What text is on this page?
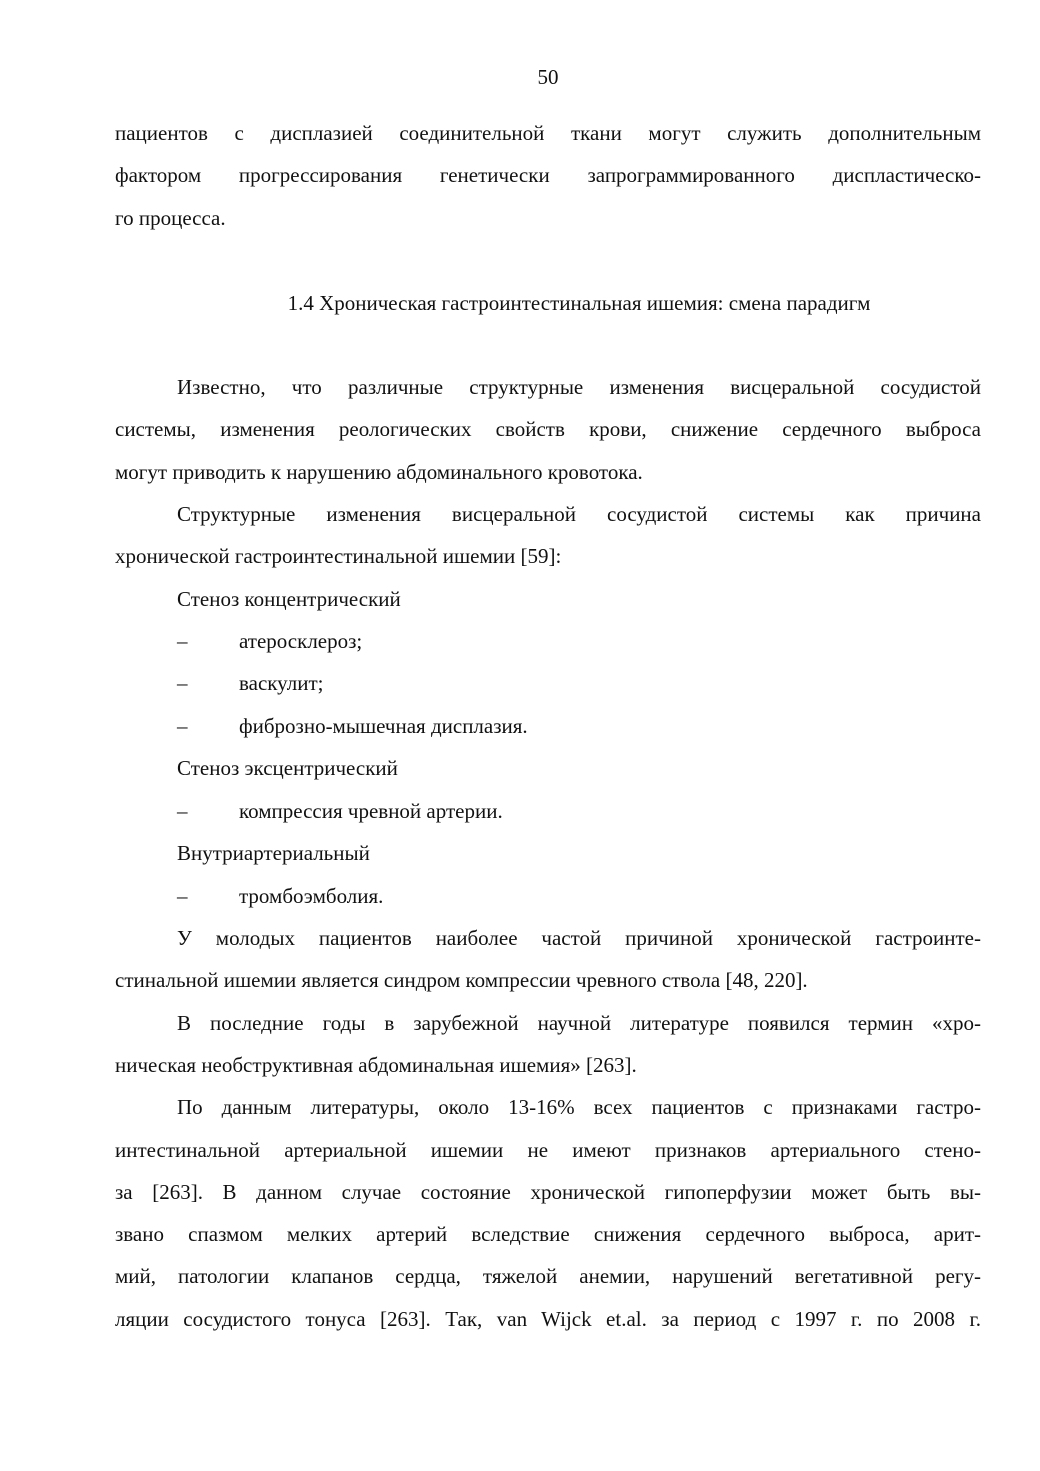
50
пациентов с дисплазией соединительной ткани могут служить дополнительным
фактором прогрессирования генетически запрограммированного диспластическо-
го процесса.
1.4 Хроническая гастроинтестинальная ишемия: смена парадигм
Известно, что различные структурные изменения висцеральной сосудистой
системы, изменения реологических свойств крови, снижение сердечного выброса
могут приводить к нарушению абдоминального кровотока.
Структурные изменения висцеральной сосудистой системы как причина
хронической гастроинтестинальной ишемии [59]:
Стеноз концентрический
–	атеросклероз;
–	васкулит;
–	фиброзно-мышечная дисплазия.
Стеноз эксцентрический
–	компрессия чревной артерии.
Внутриартериальный
–	тромбоэмболия.
У молодых пациентов наиболее частой причиной хронической гастроинте-
стинальной ишемии является синдром компрессии чревного ствола [48, 220].
В последние годы в зарубежной научной литературе появился термин «хро-
ническая необструктивная абдоминальная ишемия» [263].
По данным литературы, около 13-16% всех пациентов с признаками гастро-
интестинальной артериальной ишемии не имеют признаков артериального стено-
за [263]. В данном случае состояние хронической гипоперфузии может быть вы-
звано спазмом мелких артерий вследствие снижения сердечного выброса, арит-
мий, патологии клапанов сердца, тяжелой анемии, нарушений вегетативной регу-
ляции сосудистого тонуса [263]. Так, van Wijck et.al. за период с 1997 г. по 2008 г.
